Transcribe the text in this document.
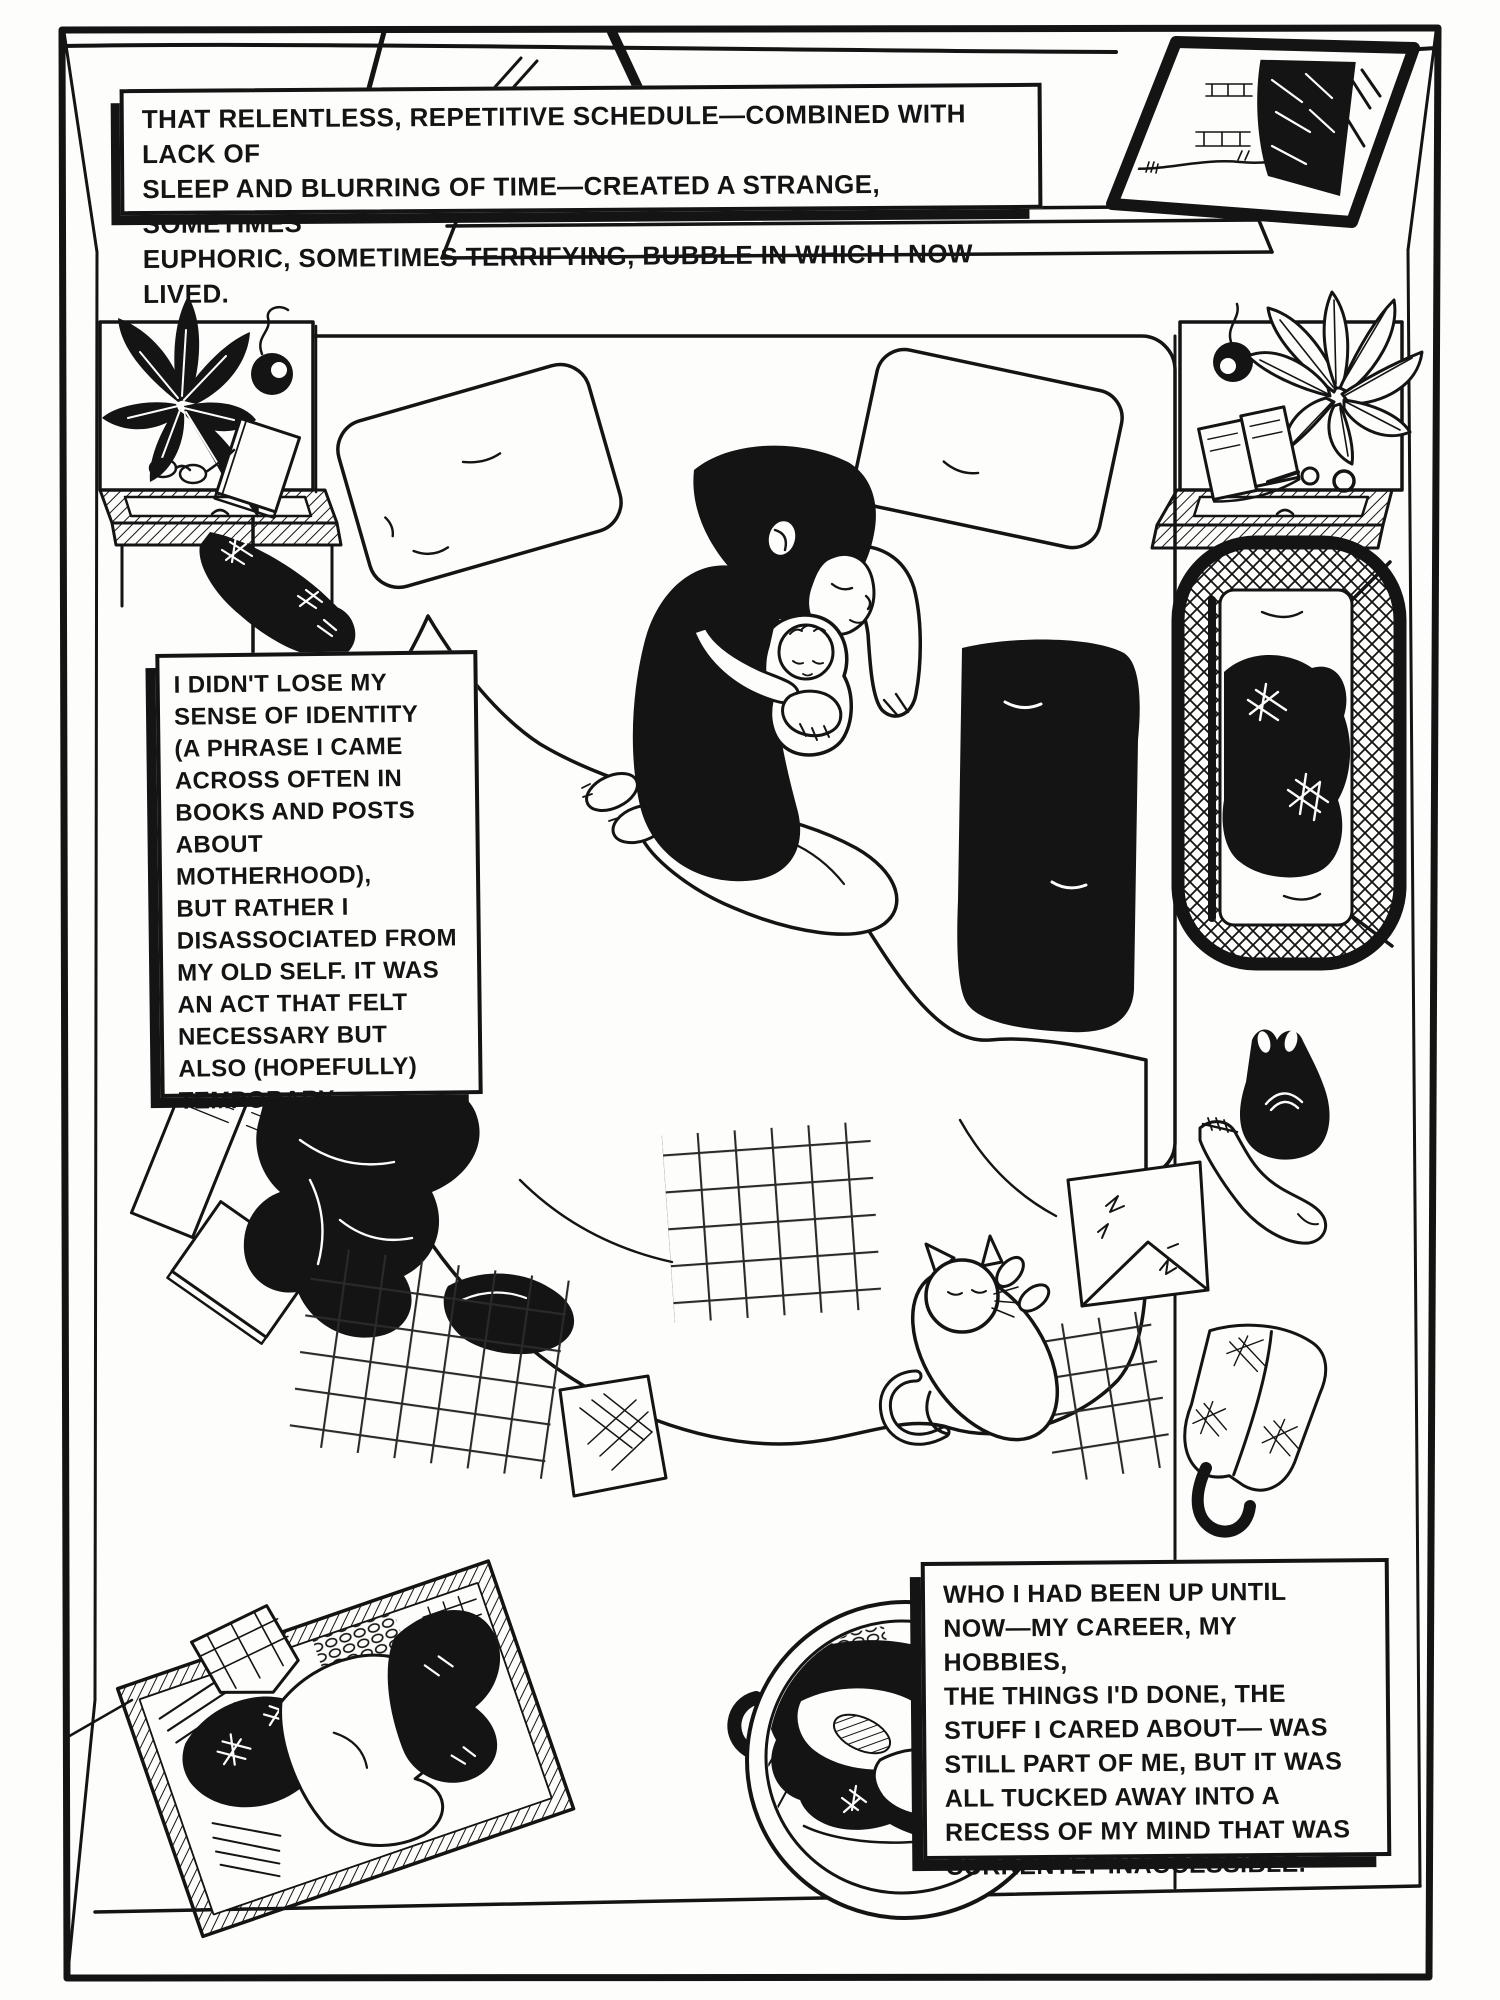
THAT RELENTLESS, REPETITIVE SCHEDULE—COMBINED WITH LACK OF
SLEEP AND BLURRING OF TIME—CREATED A STRANGE, SOMETIMES
EUPHORIC, SOMETIMES TERRIFYING, BUBBLE IN WHICH I NOW LIVED.
I DIDN'T LOSE MY
SENSE OF IDENTITY
(A PHRASE I CAME
ACROSS OFTEN IN
BOOKS AND POSTS
ABOUT MOTHERHOOD),
BUT RATHER I
DISASSOCIATED FROM
MY OLD SELF. IT WAS
AN ACT THAT FELT
NECESSARY BUT
ALSO (HOPEFULLY)
TEMPORARY.
WHO I HAD BEEN UP UNTIL
NOW—MY CAREER, MY HOBBIES,
THE THINGS I'D DONE, THE
STUFF I CARED ABOUT— WAS
STILL PART OF ME, BUT IT WAS
ALL TUCKED AWAY INTO A
RECESS OF MY MIND THAT WAS
CURRENTLY INACCESSIBLE.
